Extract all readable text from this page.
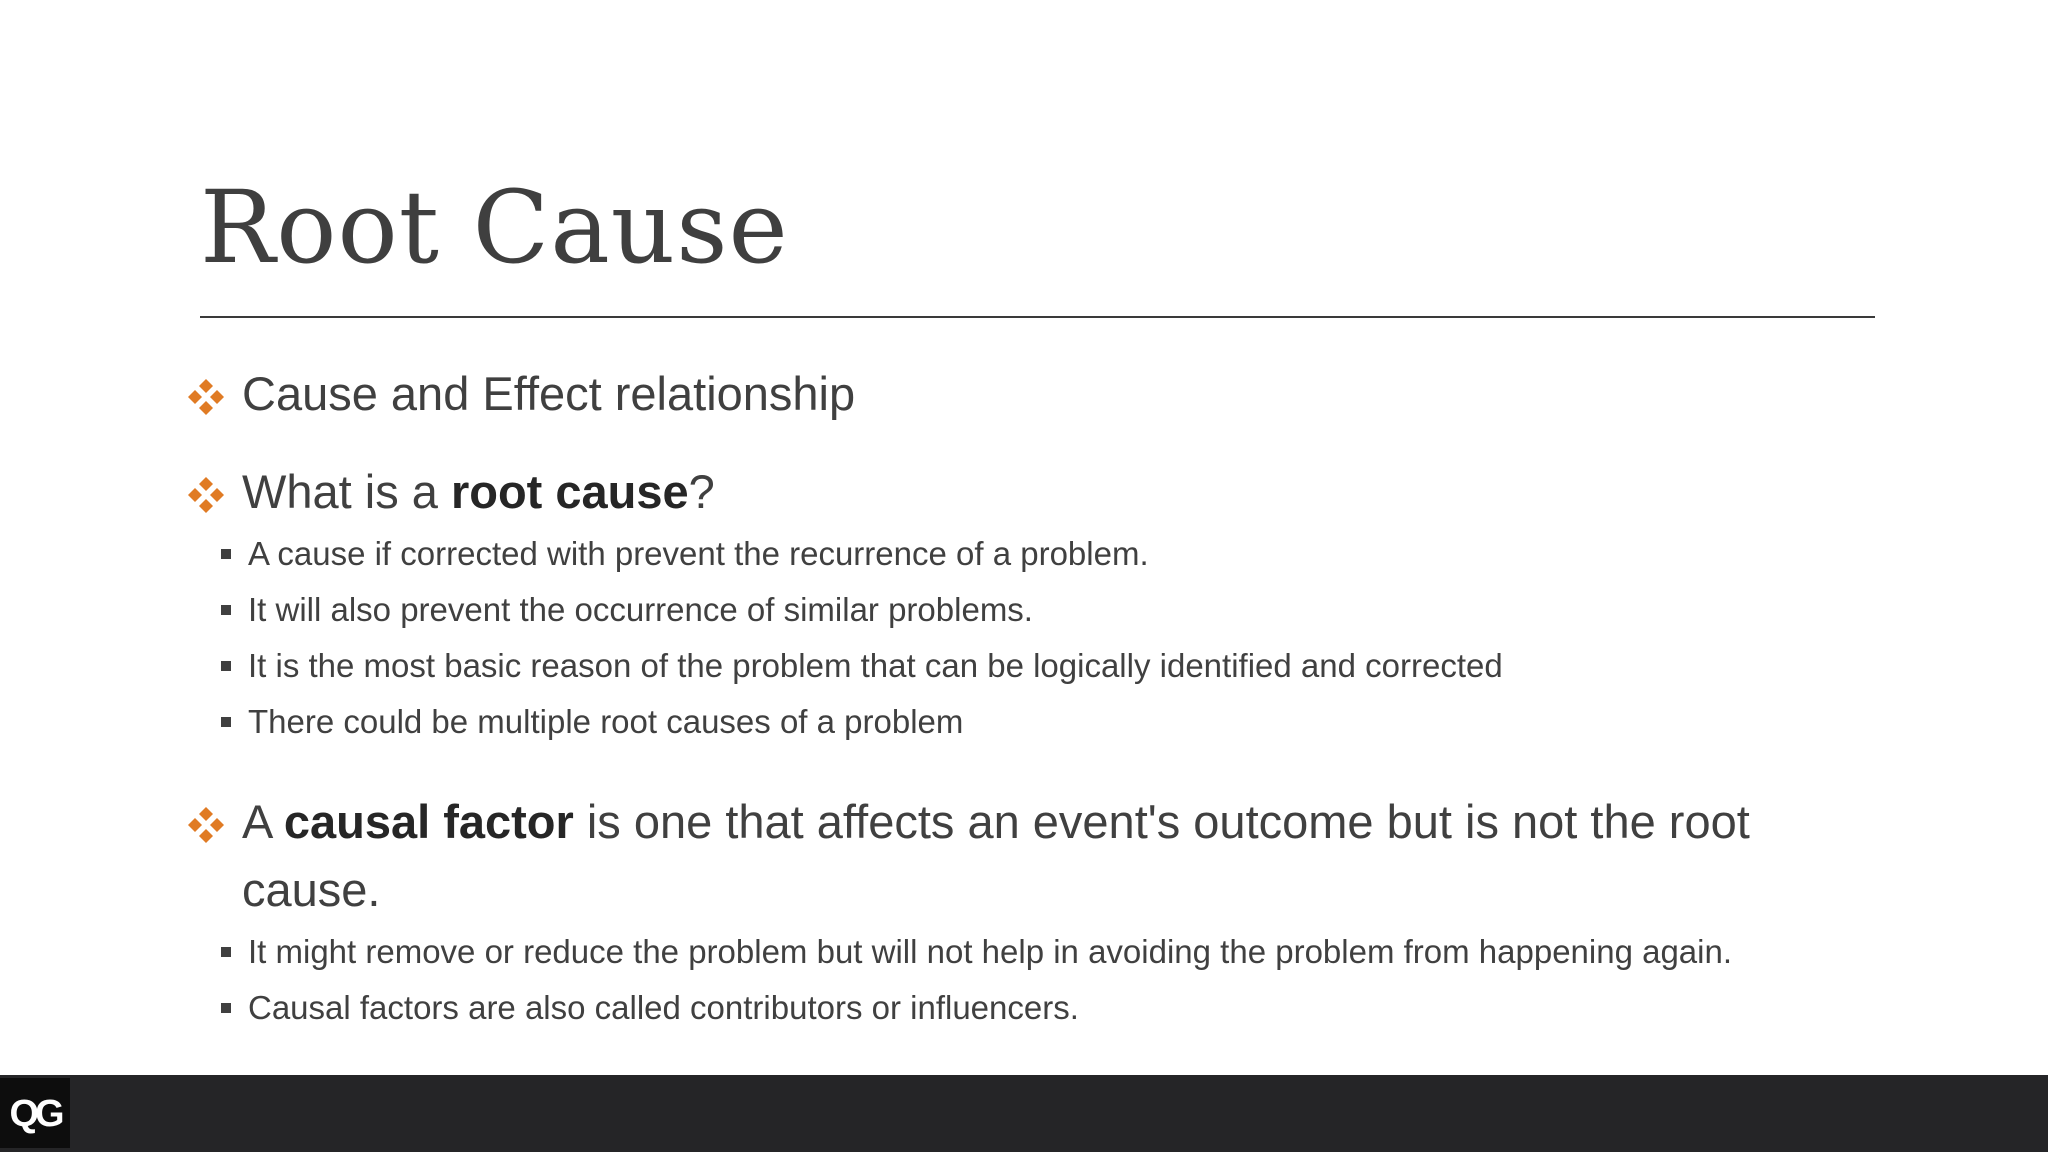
Root Cause
Cause and Effect relationship
What is a root cause?
A cause if corrected with prevent the recurrence of a problem.
It will also prevent the occurrence of similar problems.
It is the most basic reason of the problem that can be logically identified and corrected
There could be multiple root causes of a problem
A causal factor is one that affects an event's outcome but is not the root cause.
It might remove or reduce the problem but will not help in avoiding the problem from happening again.
Causal factors are also called contributors or influencers.
QG
